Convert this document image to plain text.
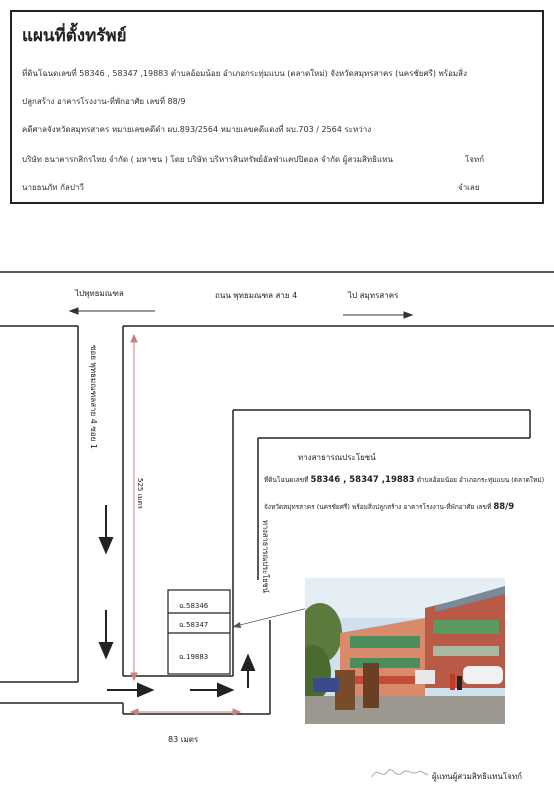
แผนที่ตั้งทรัพย์
ที่ดินโฉนดเลขที่ 58346 , 58347 ,19883 ตำบลอ้อมน้อย อำเภอกระทุ่มแบน (ตลาดใหม่) จังหวัดสมุทรสาคร (นครชัยศรี) พร้อมสิ่ง
ปลูกสร้าง อาคารโรงงาน-ที่พักอาศัย เลขที่ 88/9
คดีศาลจังหวัดสมุทรสาคร หมายเลขคดีดำ ผบ.893/2564 หมายเลขคดีแดงที่ ผบ.703 / 2564 ระหว่าง
บริษัท ธนาคารกสิกรไทย จำกัด ( มหาชน ) โดย บริษัท บริหารสินทรัพย์อัลฟ่าแคปปิตอล จำกัด ผู้สวมสิทธิแทน	โจทก์
นายธนภัท กัลปาวี	จำเลย
ไปพุทธมณฑล	ถนน พุทธมณฑล สาย 4	ไป สมุทรสาคร
ซอย พุทธมณฑลสาย 4 ซอย 1
525 เมตร
ทางสาธารณประโยชน์
ทางสาธารณประโยชน์
83 เมตร
ที่ดินโฉนดเลขที่ 58346 , 58347 ,19883 ตำบลอ้อมน้อย อำเภอกระทุ่มแบน (ตลาดใหม่)
จังหวัดสมุทรสาคร (นครชัยศรี) พร้อมสิ่งปลูกสร้าง อาคารโรงงาน-ที่พักอาศัย เลขที่ 88/9
ฉ.58346
ฉ.58347
ฉ.19883
ผู้แทนผู้สวมสิทธิแทนโจทก์
